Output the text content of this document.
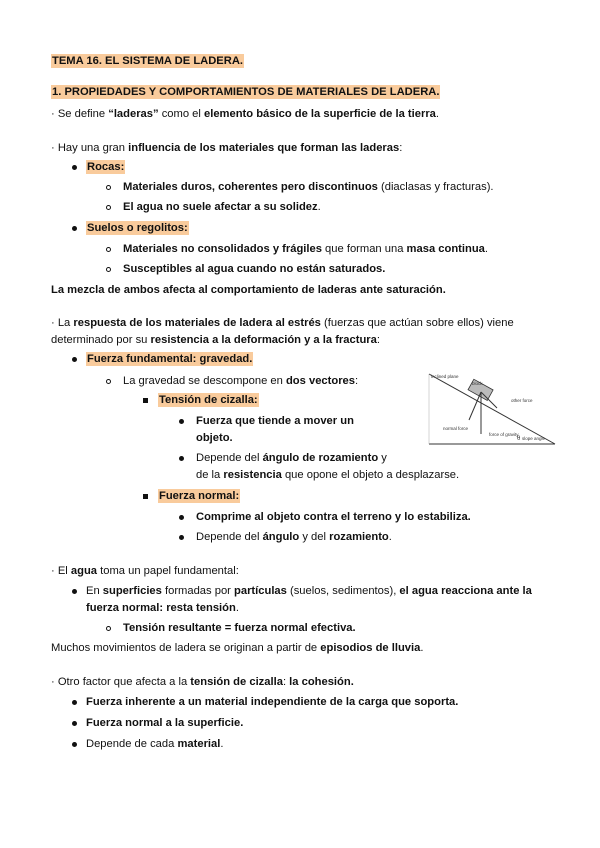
TEMA 16. EL SISTEMA DE LADERA.
1. PROPIEDADES Y COMPORTAMIENTOS DE MATERIALES DE LADERA.
· Se define “laderas” como el elemento básico de la superficie de la tierra.
· Hay una gran influencia de los materiales que forman las laderas:
Rocas:
Materiales duros, coherentes pero discontinuos (diaclasas y fracturas).
El agua no suele afectar a su solidez.
Suelos o regolitos:
Materiales no consolidados y frágiles que forman una masa continua.
Susceptibles al agua cuando no están saturados.
La mezcla de ambos afecta al comportamiento de laderas ante saturación.
· La respuesta de los materiales de ladera al estrés (fuerzas que actúan sobre ellos) viene
determinado por su resistencia a la deformación y a la fractura:
Fuerza fundamental: gravedad.
La gravedad se descompone en dos vectores:
Tensión de cizalla:
Fuerza que tiende a mover un
objeto.
Depende del ángulo de rozamiento y
de la resistencia que opone el objeto a desplazarse.
Fuerza normal:
Comprime al objeto contra el terreno y lo estabiliza.
Depende del ángulo y del rozamiento.
inclined plane
block
other force
normal force
force of gravity
slope angle
θ
· El agua toma un papel fundamental:
En superficies formadas por partículas (suelos, sedimentos), el agua reacciona ante la
fuerza normal: resta tensión.
Tensión resultante = fuerza normal efectiva.
Muchos movimientos de ladera se originan a partir de episodios de lluvia.
· Otro factor que afecta a la tensión de cizalla: la cohesión.
Fuerza inherente a un material independiente de la carga que soporta.
Fuerza normal a la superficie.
Depende de cada material.
